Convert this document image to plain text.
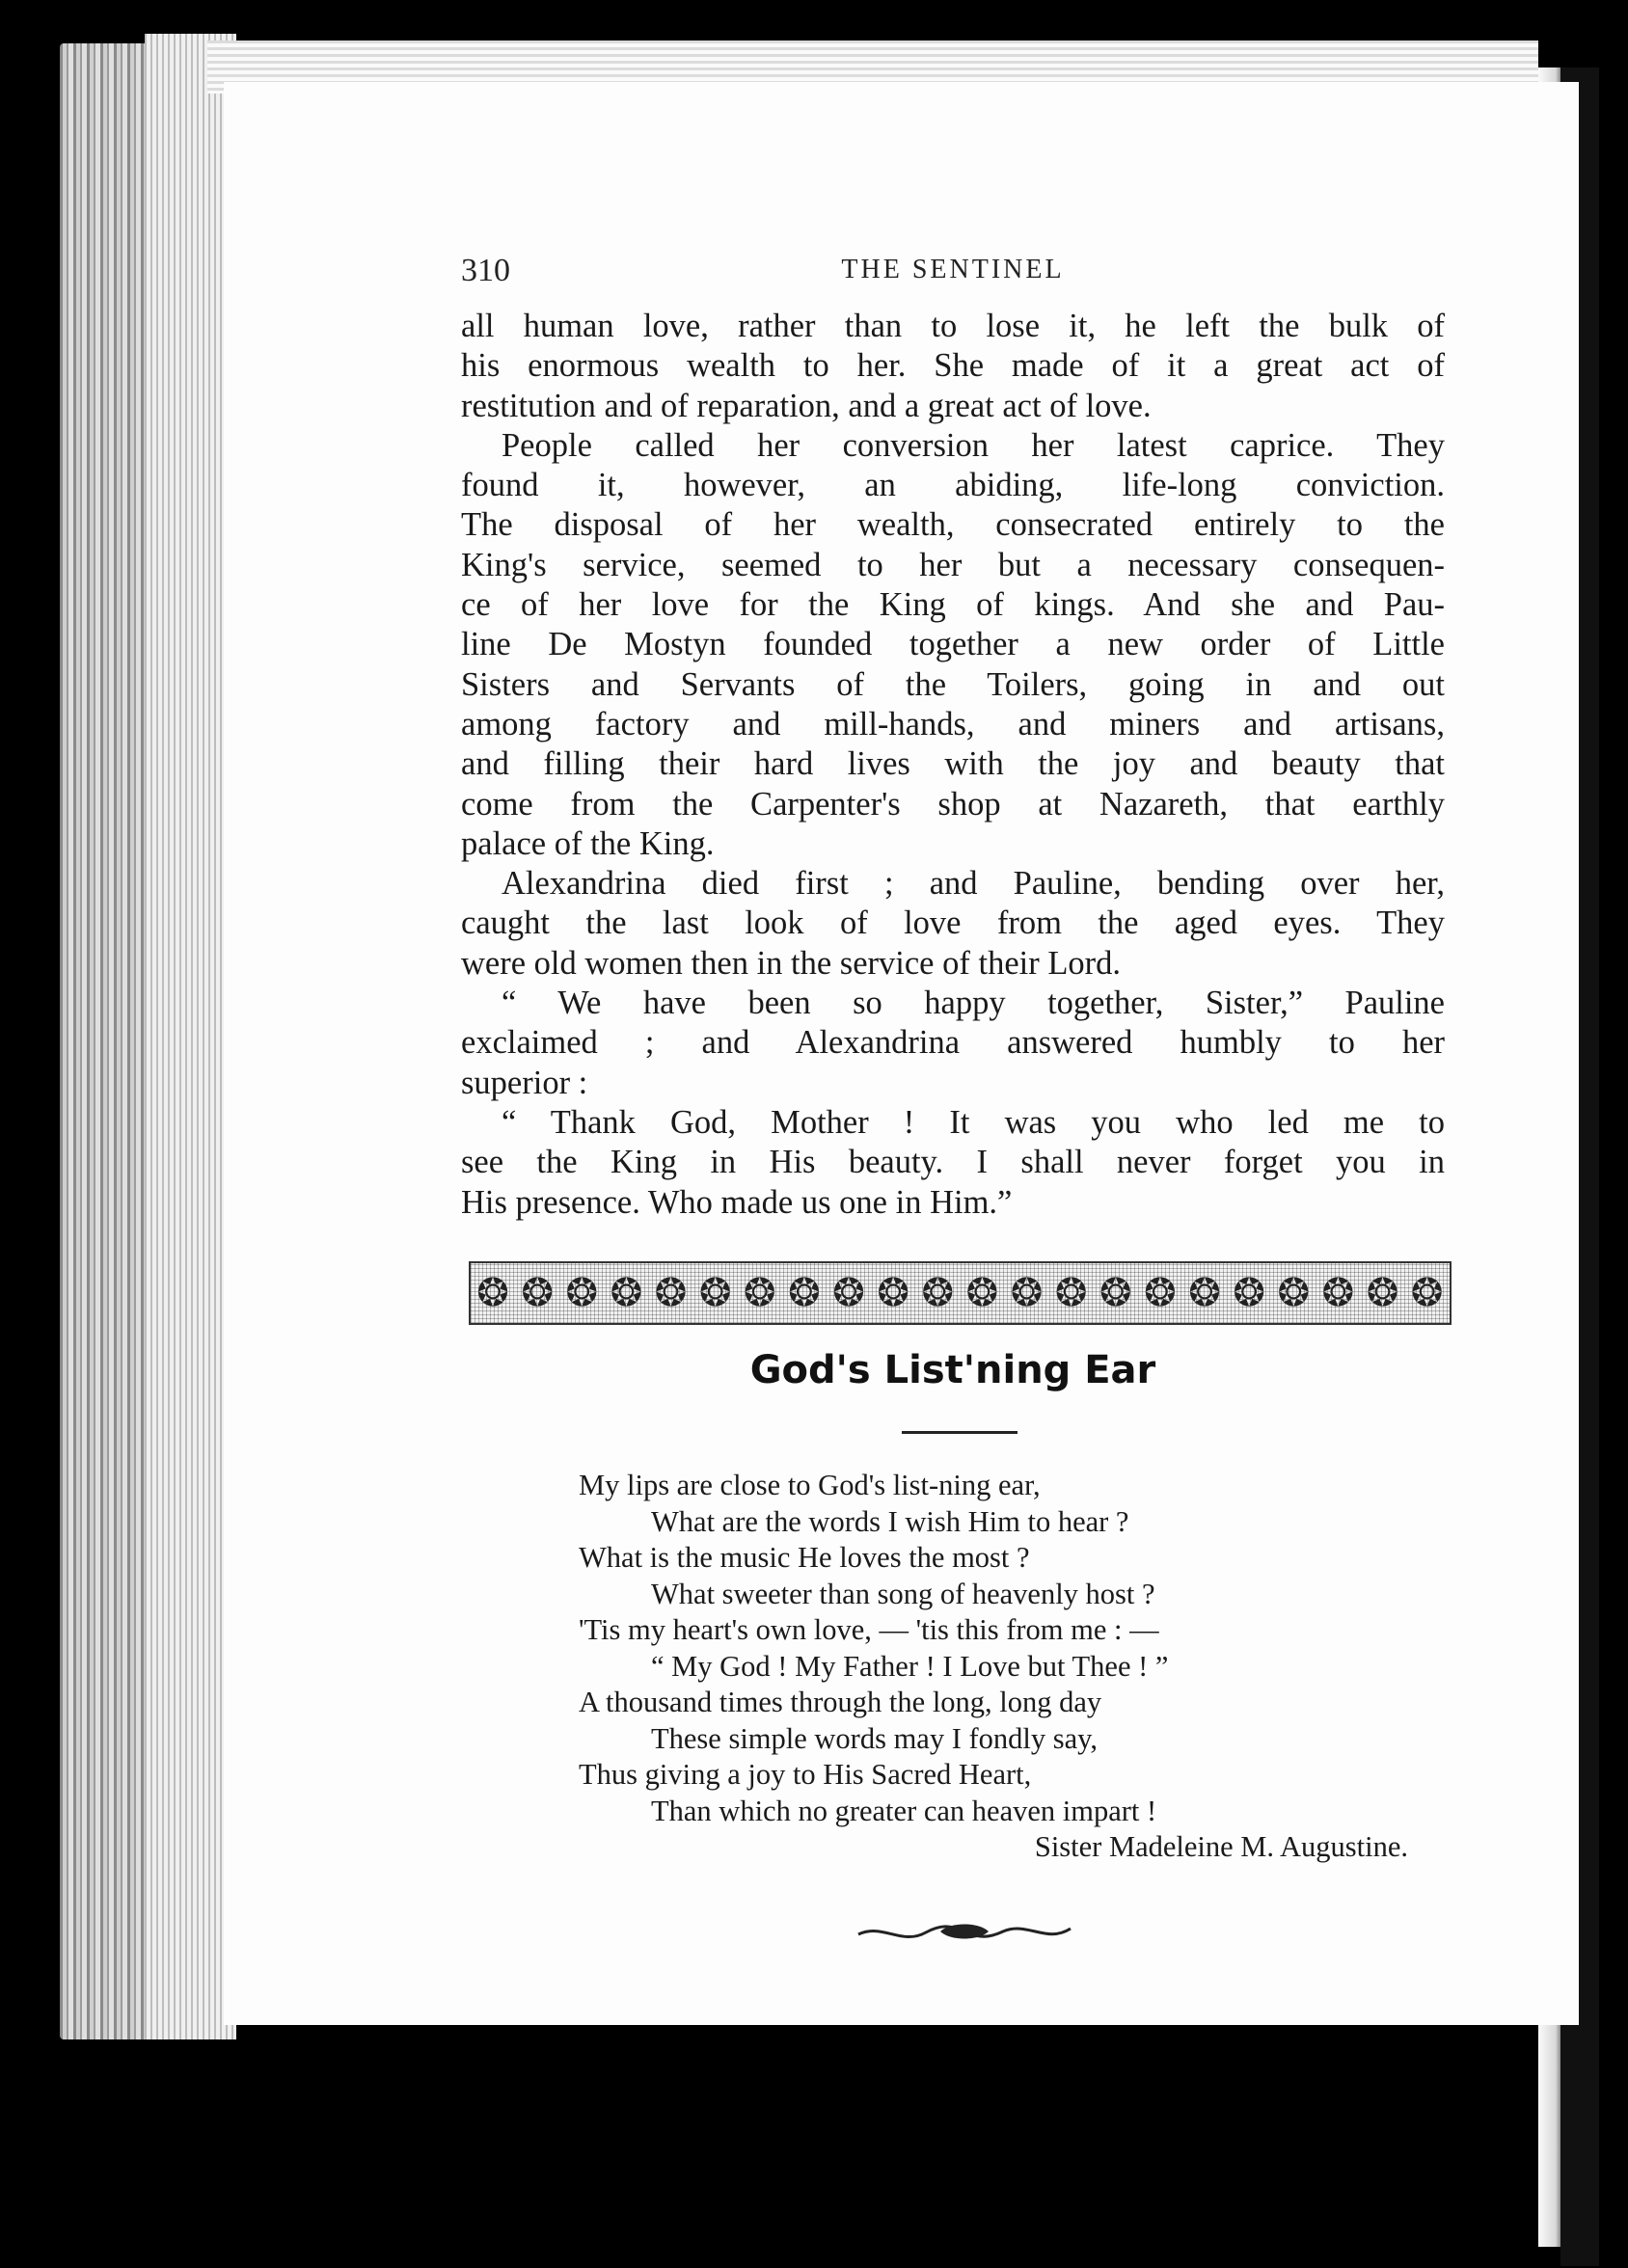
310	THE SENTINEL
all human love, rather than to lose it, he left the bulk of
his enormous wealth to her. She made of it a great act of
restitution and of reparation, and a great act of love.
People called her conversion her latest caprice. They
found it, however, an abiding, life-long conviction.
The disposal of her wealth, consecrated entirely to the
King's service, seemed to her but a necessary consequen-
ce of her love for the King of kings. And she and Pau-
line De Mostyn founded together a new order of Little
Sisters and Servants of the Toilers, going in and out
among factory and mill-hands, and miners and artisans,
and filling their hard lives with the joy and beauty that
come from the Carpenter's shop at Nazareth, that earthly
palace of the King.
Alexandrina died first ; and Pauline, bending over her,
caught the last look of love from the aged eyes. They
were old women then in the service of their Lord.
“ We have been so happy together, Sister,” Pauline
exclaimed ; and Alexandrina answered humbly to her
superior :
“ Thank God, Mother ! It was you who led me to
see the King in His beauty. I shall never forget you in
His presence. Who made us one in Him.”
❂ ❂ ❂ ❂ ❂ ❂ ❂ ❂ ❂ ❂ ❂ ❂ ❂ ❂ ❂ ❂ ❂ ❂ ❂ ❂ ❂ ❂
God's List'ning Ear
My lips are close to God's list-ning ear,
What are the words I wish Him to hear ?
What is the music He loves the most ?
What sweeter than song of heavenly host ?
'Tis my heart's own love, — 'tis this from me : —
“ My God ! My Father ! I Love but Thee ! ”
A thousand times through the long, long day
These simple words may I fondly say,
Thus giving a joy to His Sacred Heart,
Than which no greater can heaven impart !
Sister Madeleine M. Augustine.
